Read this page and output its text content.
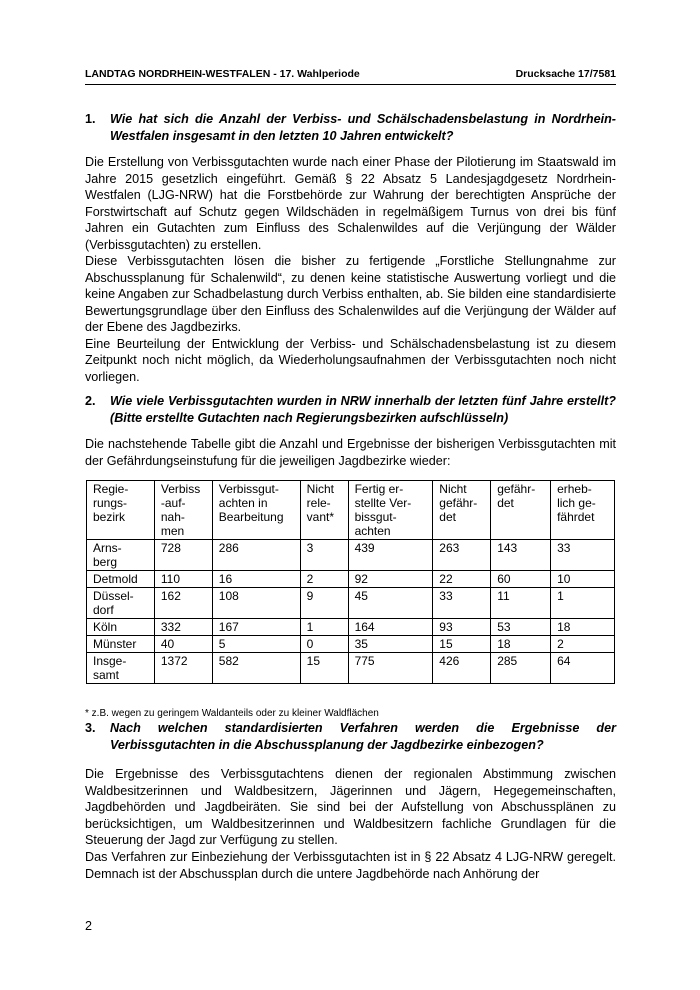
LANDTAG NORDRHEIN-WESTFALEN - 17. Wahlperiode	Drucksache 17/7581
1. Wie hat sich die Anzahl der Verbiss- und Schälschadensbelastung in Nordrhein-Westfalen insgesamt in den letzten 10 Jahren entwickelt?

Die Erstellung von Verbissgutachten wurde nach einer Phase der Pilotierung im Staatswald im Jahre 2015 gesetzlich eingeführt. Gemäß § 22 Absatz 5 Landesjagdgesetz Nordrhein-Westfalen (LJG-NRW) hat die Forstbehörde zur Wahrung der berechtigten Ansprüche der Forstwirtschaft auf Schutz gegen Wildschäden in regelmäßigem Turnus von drei bis fünf Jahren ein Gutachten zum Einfluss des Schalenwildes auf die Verjüngung der Wälder (Verbissgutachten) zu erstellen.

Diese Verbissgutachten lösen die bisher zu fertigende „Forstliche Stellungnahme zur Abschussplanung für Schalenwild“, zu denen keine statistische Auswertung vorliegt und die keine Angaben zur Schadbelastung durch Verbiss enthalten, ab. Sie bilden eine standardisierte Bewertungsgrundlage über den Einfluss des Schalenwildes auf die Verjüngung der Wälder auf der Ebene des Jagdbezirks.

Eine Beurteilung der Entwicklung der Verbiss- und Schälschadensbelastung ist zu diesem Zeitpunkt noch nicht möglich, da Wiederholungsaufnahmen der Verbissgutachten noch nicht vorliegen.

2. Wie viele Verbissgutachten wurden in NRW innerhalb der letzten fünf Jahre erstellt? (Bitte erstellte Gutachten nach Regierungsbezirken aufschlüsseln)

Die nachstehende Tabelle gibt die Anzahl und Ergebnisse der bisherigen Verbissgutachten mit der Gefährdungseinstufung für die jeweiligen Jagdbezirke wieder:

Regie-
rungs-
bezirk	Verbiss
-auf-
nah-
men	Verbissgut-
achten in
Bearbeitung	Nicht
rele-
vant*	Fertig er-
stellte Ver-
bissgut-
achten	Nicht
gefähr-
det	gefähr-
det	erheb-
lich ge-
fährdet
Arns-
berg	728	286	3	439	263	143	33
Detmold	110	16	2	92	22	60	10
Düssel-
dorf	162	108	9	45	33	11	1
Köln	332	167	1	164	93	53	18
Münster	40	5	0	35	15	18	2
Insge-
samt	1372	582	15	775	426	285	64
* z.B. wegen zu geringem Waldanteils oder zu kleiner Waldflächen
3. Nach welchen standardisierten Verfahren werden die Ergebnisse der Verbissgutachten in die Abschussplanung der Jagdbezirke einbezogen?

Die Ergebnisse des Verbissgutachtens dienen der regionalen Abstimmung zwischen Waldbesitzerinnen und Waldbesitzern, Jägerinnen und Jägern, Hegegemeinschaften, Jagdbehörden und Jagdbeiräten. Sie sind bei der Aufstellung von Abschussplänen zu berücksichtigen, um Waldbesitzerinnen und Waldbesitzern fachliche Grundlagen für die Steuerung der Jagd zur Verfügung zu stellen.

Das Verfahren zur Einbeziehung der Verbissgutachten ist in § 22 Absatz 4 LJG-NRW geregelt. Demnach ist der Abschussplan durch die untere Jagdbehörde nach Anhörung der

2
